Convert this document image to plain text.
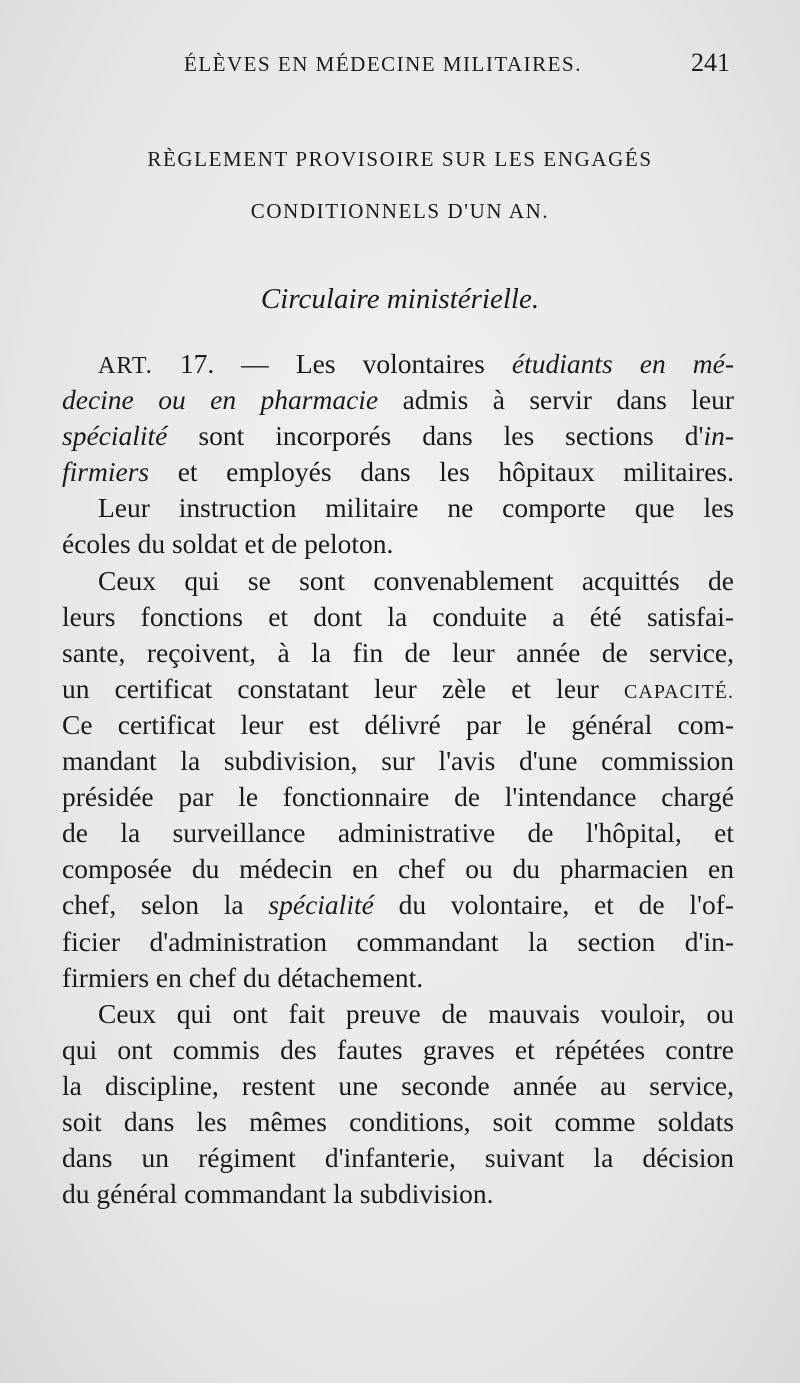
ÉLÈVES EN MÉDECINE MILITAIRES.	241
RÈGLEMENT PROVISOIRE SUR LES ENGAGÉS
CONDITIONNELS D'UN AN.
Circulaire ministérielle.
ART. 17. — Les volontaires étudiants en mé-
decine ou en pharmacie admis à servir dans leur
spécialité sont incorporés dans les sections d'in-
firmiers et employés dans les hôpitaux militaires.
Leur instruction militaire ne comporte que les
écoles du soldat et de peloton.
Ceux qui se sont convenablement acquittés de
leurs fonctions et dont la conduite a été satisfai-
sante, reçoivent, à la fin de leur année de service,
un certificat constatant leur zèle et leur CAPACITÉ.
Ce certificat leur est délivré par le général com-
mandant la subdivision, sur l'avis d'une commission
présidée par le fonctionnaire de l'intendance chargé
de la surveillance administrative de l'hôpital, et
composée du médecin en chef ou du pharmacien en
chef, selon la spécialité du volontaire, et de l'of-
ficier d'administration commandant la section d'in-
firmiers en chef du détachement.
Ceux qui ont fait preuve de mauvais vouloir, ou
qui ont commis des fautes graves et répétées contre
la discipline, restent une seconde année au service,
soit dans les mêmes conditions, soit comme soldats
dans un régiment d'infanterie, suivant la décision
du général commandant la subdivision.
